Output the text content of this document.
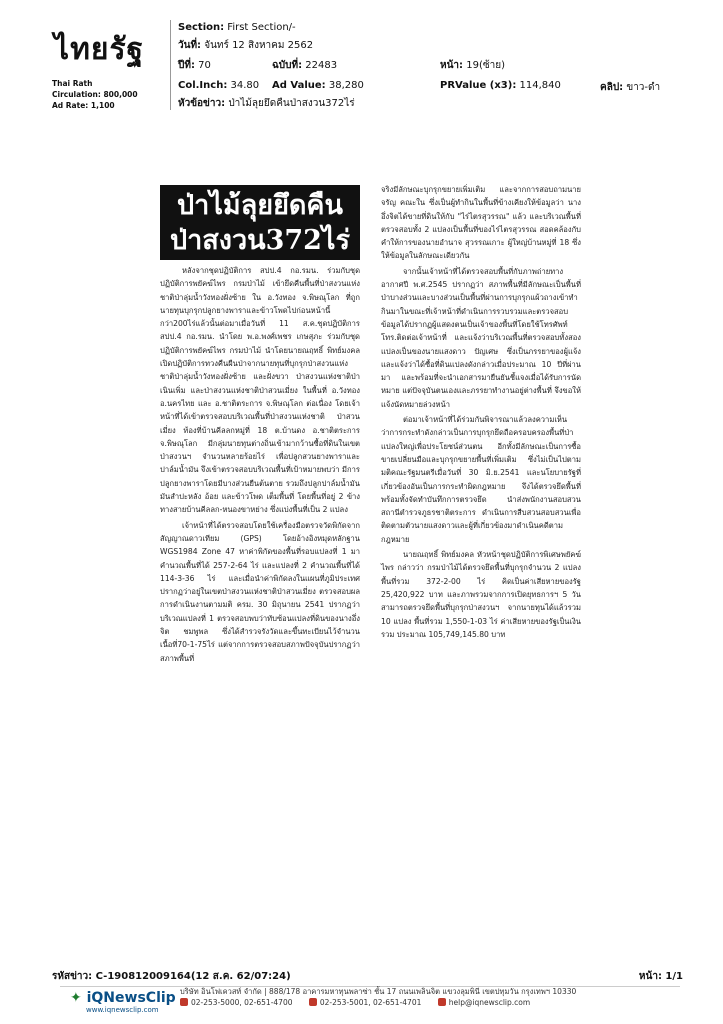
ไทยรัฐ
Thai Rath
Circulation: 800,000
Ad Rate: 1,100
Section: First Section/-
วันที่: จันทร์ 12 สิงหาคม 2562
ปีที่: 70	ฉบับที่: 22483	หน้า: 19(ซ้าย)
Col.Inch: 34.80 Ad Value: 38,280	PRValue (x3): 114,840	คลิป: ขาว-ดำ
หัวข้อข่าว: ป่าไม้ลุยยึดคืนป่าสงวน372ไร่
ป่าไม้ลุยยึดคืน
ป่าสงวน372ไร่

หลังจากชุดปฏิบัติการ สปป.4 กอ.รมน. ร่วมกับชุดปฏิบัติการพยัคฆ์ไพร กรมป่าไม้ เข้ายึดคืนพื้นที่ป่าสงวนแห่งชาติป่าลุ่มน้ำวังทองฝั่งซ้าย ใน อ.วังทอง จ.พิษณุโลก ที่ถูกนายทุนบุกรุกปลูกยางพาราและข้าวโพดไปก่อนหน้านี้กว่า200ไร่แล้วนั้นต่อมาเมื่อวันที่ 11 ส.ค.ชุดปฏิบัติการ สปป.4 กอ.รมน. นำโดย พ.อ.พงศ์เพชร เกษสุภะ ร่วมกับชุดปฏิบัติการพยัคฆ์ไพร กรมป่าไม้ นำโดยนายณฤทธิ์ พิทย์มงคล เปิดปฏิบัติการทวงคืนผืนป่าจากนายทุนที่บุกรุกป่าสงวนแห่งชาติป่าลุ่มน้ำวังทองฝั่งซ้าย และฝั่งขวา ป่าสงวนแห่งชาติป่าเนินเพิ่ม และป่าสงวนแห่งชาติป่าสวนเมี่ยง ในพื้นที่ อ.วังทอง อ.นครไทย และ อ.ชาติตระการ จ.พิษณุโลก ต่อเนื่อง โดยเจ้าหน้าที่ได้เข้าตรวจสอบบริเวณพื้นที่ป่าสงวนแห่งชาติ ป่าสวนเมี่ยง ท้องที่บ้านคีลลกหมู่ที่ 18 ต.บ้านดง อ.ชาติตระการ จ.พิษณุโลก มีกลุ่มนายทุนต่างถิ่นเข้ามากว้านซื้อที่ดินในเขตป่าสงวนฯ จำนวนหลายร้อยไร่ เพื่อปลูกสวนยางพาราและปาล์มน้ำมัน จึงเข้าตรวจสอบบริเวณพื้นที่เป้าหมายพบว่า มีการปลูกยางพาราโดยมีบางส่วนยืนต้นตาย รวมถึงปลูกปาล์มน้ำมัน มันสำปะหลัง อ้อย และข้าวโพด เต็มพื้นที่ โดยพื้นที่อยู่ 2 ข้างทางสายบ้านคีลลก-หนองขาหย่าง ซึ่งแบ่งพื้นที่เป็น 2 แปลง

เจ้าหน้าที่ได้ตรวจสอบโดยใช้เครื่องมือตรวจวัดพิกัดจากสัญญาณดาวเทียม (GPS) โดยอ้างอิงหมุดหลักฐาน WGS1984 Zone 47 หาค่าพิกัดของพื้นที่รอบแปลงที่ 1 มาคำนวณพื้นที่ได้ 257-2-64 ไร่ และแปลงที่ 2 คำนวณพื้นที่ได้ 114-3-36 ไร่ และเมื่อนำค่าพิกัดลงในแผนที่ภูมิประเทศปรากฏว่าอยู่ในเขตป่าสงวนแห่งชาติป่าสวนเมี่ยง ตรวจสอบผลการดำเนินงานตามมติ ครม. 30 มิถุนายน 2541 ปรากฏว่า บริเวณแปลงที่ 1 ตรวจสอบพบว่าทับซ้อนแปลงที่ดินของนางอึ่งจิต ชมพูพล ซึ่งได้สำรวจรังวัดและขึ้นทะเบียนไว้จำนวนเนื้อที่70-1-75ไร่ แต่จากการตรวจสอบสภาพปัจจุบันปรากฏว่า สภาพพื้นที่

จริงมีลักษณะบุกรุกขยายเพิ่มเติม และจากการสอบถามนายจรัญ คณะใน ซึ่งเป็นผู้ทำกินในพื้นที่ข้างเคียงให้ข้อมูลว่า นางอึ่งจิตได้ขายที่ดินให้กับ "ไร่ไตรสุวรรณ" แล้ว และบริเวณพื้นที่ตรวจสอบทั้ง 2 แปลงเป็นพื้นที่ของไร่ไตรสุวรรณ สอดคล้องกับคำให้การของนายอำนาจ สุวรรณเกาะ ผู้ใหญ่บ้านหมู่ที่ 18 ซึ่งให้ข้อมูลในลักษณะเดียวกัน

จากนั้นเจ้าหน้าที่ได้ตรวจสอบพื้นที่กับภาพถ่ายทางอากาศปี พ.ศ.2545 ปรากฏว่า สภาพพื้นที่มีลักษณะเป็นพื้นที่ป่าบางส่วนและบางส่วนเป็นพื้นที่ผ่านการบุกรุกแผ้วถางเข้าทำกินมาในขณะที่เจ้าหน้าที่ดำเนินการรวบรวมและตรวจสอบข้อมูลได้ปรากฏผู้แสดงตนเป็นเจ้าของพื้นที่โดยใช้โทรศัพท์โทร.ติดต่อเจ้าหน้าที่ และแจ้งว่าบริเวณพื้นที่ตรวจสอบทั้งสองแปลงเป็นของนายแสงดาว ปัญเศษ ซึ่งเป็นภรรยาของผู้แจ้ง และแจ้งว่าได้ซื้อที่ดินแปลงดังกล่าวเมื่อประมาณ 10 ปีที่ผ่านมา และพร้อมที่จะนำเอกสารมายืนยันชี้แจงเมื่อได้รับการนัดหมาย แต่ปัจจุบันตนเองและภรรยาทำงานอยู่ต่างพื้นที่ จึงขอให้แจ้งนัดหมายล่วงหน้า

ต่อมาเจ้าหน้าที่ได้ร่วมกันพิจารณาแล้วลงความเห็นว่าการกระทำดังกล่าวเป็นการบุกรุกยึดถือครอบครองพื้นที่ป่าแปลงใหญ่เพื่อประโยชน์ส่วนตน อีกทั้งมีลักษณะเป็นการซื้อขายเปลี่ยนมือและบุกรุกขยายพื้นที่เพิ่มเติม ซึ่งไม่เป็นไปตามมติคณะรัฐมนตรีเมื่อวันที่ 30 มิ.ย.2541 และนโยบายรัฐที่เกี่ยวข้องอันเป็นการกระทำผิดกฎหมาย จึงได้ตรวจยึดพื้นที่พร้อมทั้งจัดทำบันทึกการตรวจยึด นำส่งพนักงานสอบสวนสถานีตำรวจภูธรชาติตระการ ดำเนินการสืบสวนสอบสวนเพื่อติดตามตัวนายแสงดาวและผู้ที่เกี่ยวข้องมาดำเนินคดีตามกฎหมาย

นายณฤทธิ์ พิทย์มงคล หัวหน้าชุดปฏิบัติการพิเศษพยัคฆ์ไพร กล่าวว่า กรมป่าไม้ได้ตรวจยึดพื้นที่บุกรุกจำนวน 2 แปลง พื้นที่รวม 372-2-00 ไร่ คิดเป็นค่าเสียหายของรัฐ 25,420,922 บาท และภาพรวมจากการเปิดยุทธการฯ 5 วันสามารถตรวจยึดพื้นที่บุกรุกป่าสงวนฯ จากนายทุนได้แล้วรวม 10 แปลง พื้นที่รวม 1,550-1-03 ไร่ ค่าเสียหายของรัฐเป็นเงินรวม ประมาณ 105,749,145.80 บาท

รหัสข่าว: C-190812009164(12 ส.ค. 62/07:24)	หน้า: 1/1
✦ iQNewsClip
www.iqnewsclip.com
บริษัท อินโฟเควสท์ จำกัด | 888/178 อาคารมหาทุนพลาซ่า ชั้น 17 ถนนเพลินจิต แขวงลุมพินี เขตปทุมวัน กรุงเทพฯ 10330
02-253-5000, 02-651-4700	02-253-5001, 02-651-4701	help@iqnewsclip.com
